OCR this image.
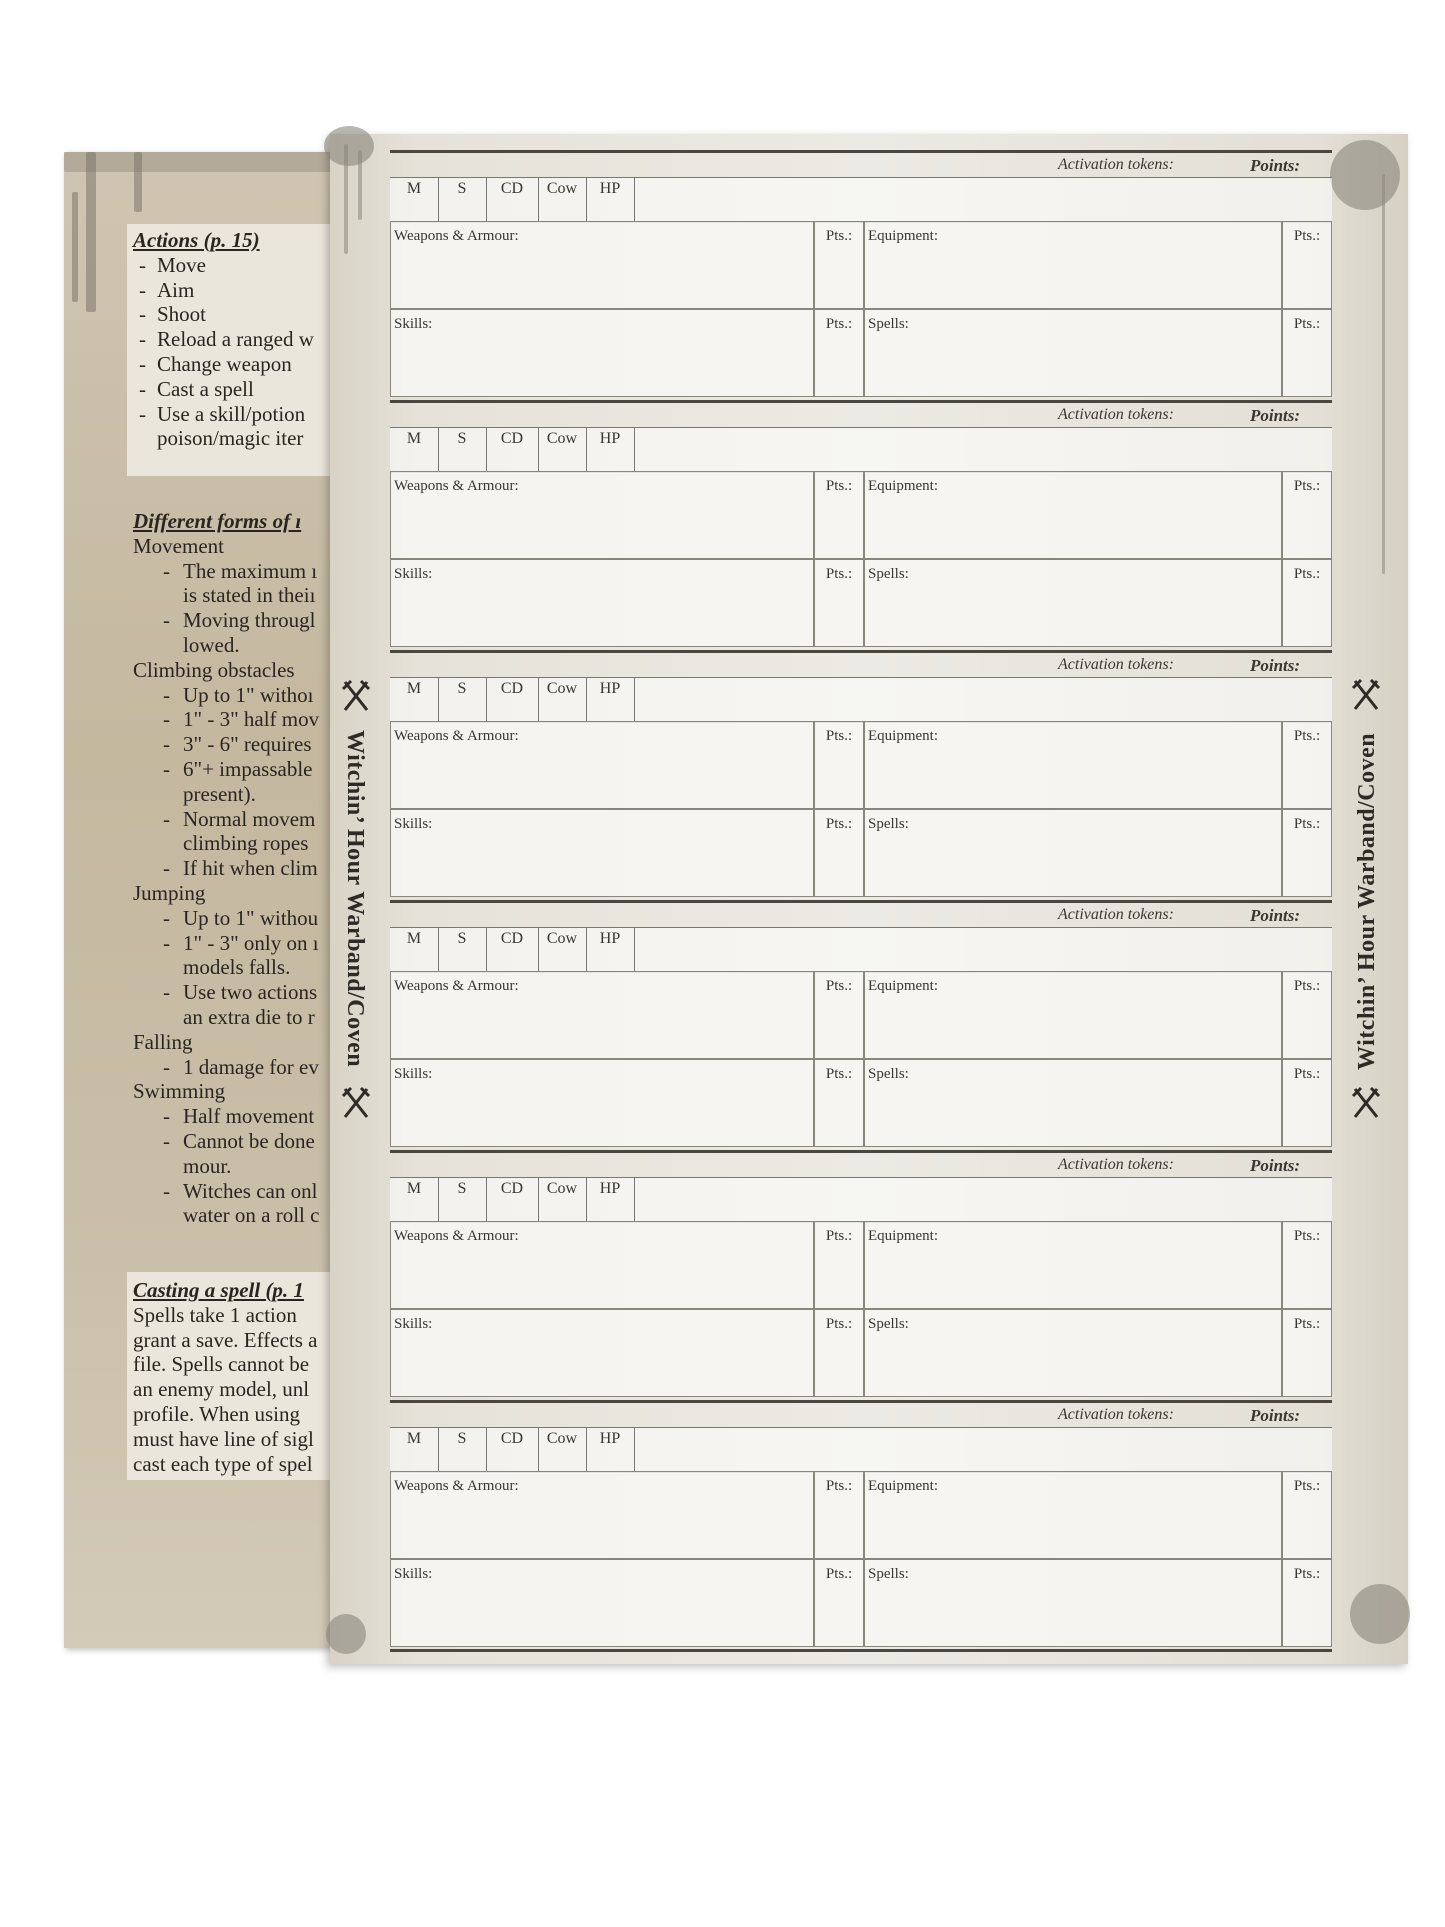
Actions (p. 15)
- Move
- Aim
- Shoot
- Reload a ranged w
- Change weapon
- Cast a spell
- Use a skill/potion
poison/magic iter
Different forms of ı
Movement
- The maximum ı
is stated in theiı
- Moving througl
lowed.
Climbing obstacles
- Up to 1" withoı
- 1" - 3" half mov
- 3" - 6" requires
- 6"+ impassable
present).
- Normal movem
climbing ropes
- If hit when clim
Jumping
- Up to 1" withou
- 1" - 3" only on ı
models falls.
- Use two actions
an extra die to r
Falling
- 1 damage for ev
Swimming
- Half movement
- Cannot be done
mour.
- Witches can onl
water on a roll c
Casting a spell (p. 1
Spells take 1 action
grant a save. Effects a
file. Spells cannot be
an enemy model, unl
profile. When using
must have line of sigl
cast each type of spel
Activation tokens:	Points:
M	S	CD	Cow	HP
Weapons & Armour:	Pts.:	Equipment:	Pts.:
Skills:	Pts.:	Spells:	Pts.:
Activation tokens:	Points:
M	S	CD	Cow	HP
Weapons & Armour:	Pts.:	Equipment:	Pts.:
Skills:	Pts.:	Spells:	Pts.:
Activation tokens:	Points:
M	S	CD	Cow	HP
Weapons & Armour:	Pts.:	Equipment:	Pts.:
Skills:	Pts.:	Spells:	Pts.:
Activation tokens:	Points:
M	S	CD	Cow	HP
Weapons & Armour:	Pts.:	Equipment:	Pts.:
Skills:	Pts.:	Spells:	Pts.:
Activation tokens:	Points:
M	S	CD	Cow	HP
Weapons & Armour:	Pts.:	Equipment:	Pts.:
Skills:	Pts.:	Spells:	Pts.:
Activation tokens:	Points:
M	S	CD	Cow	HP
Weapons & Armour:	Pts.:	Equipment:	Pts.:
Skills:	Pts.:	Spells:	Pts.:
Witchin’ Hour Warband/Coven	Witchin’ Hour Warband/Coven
